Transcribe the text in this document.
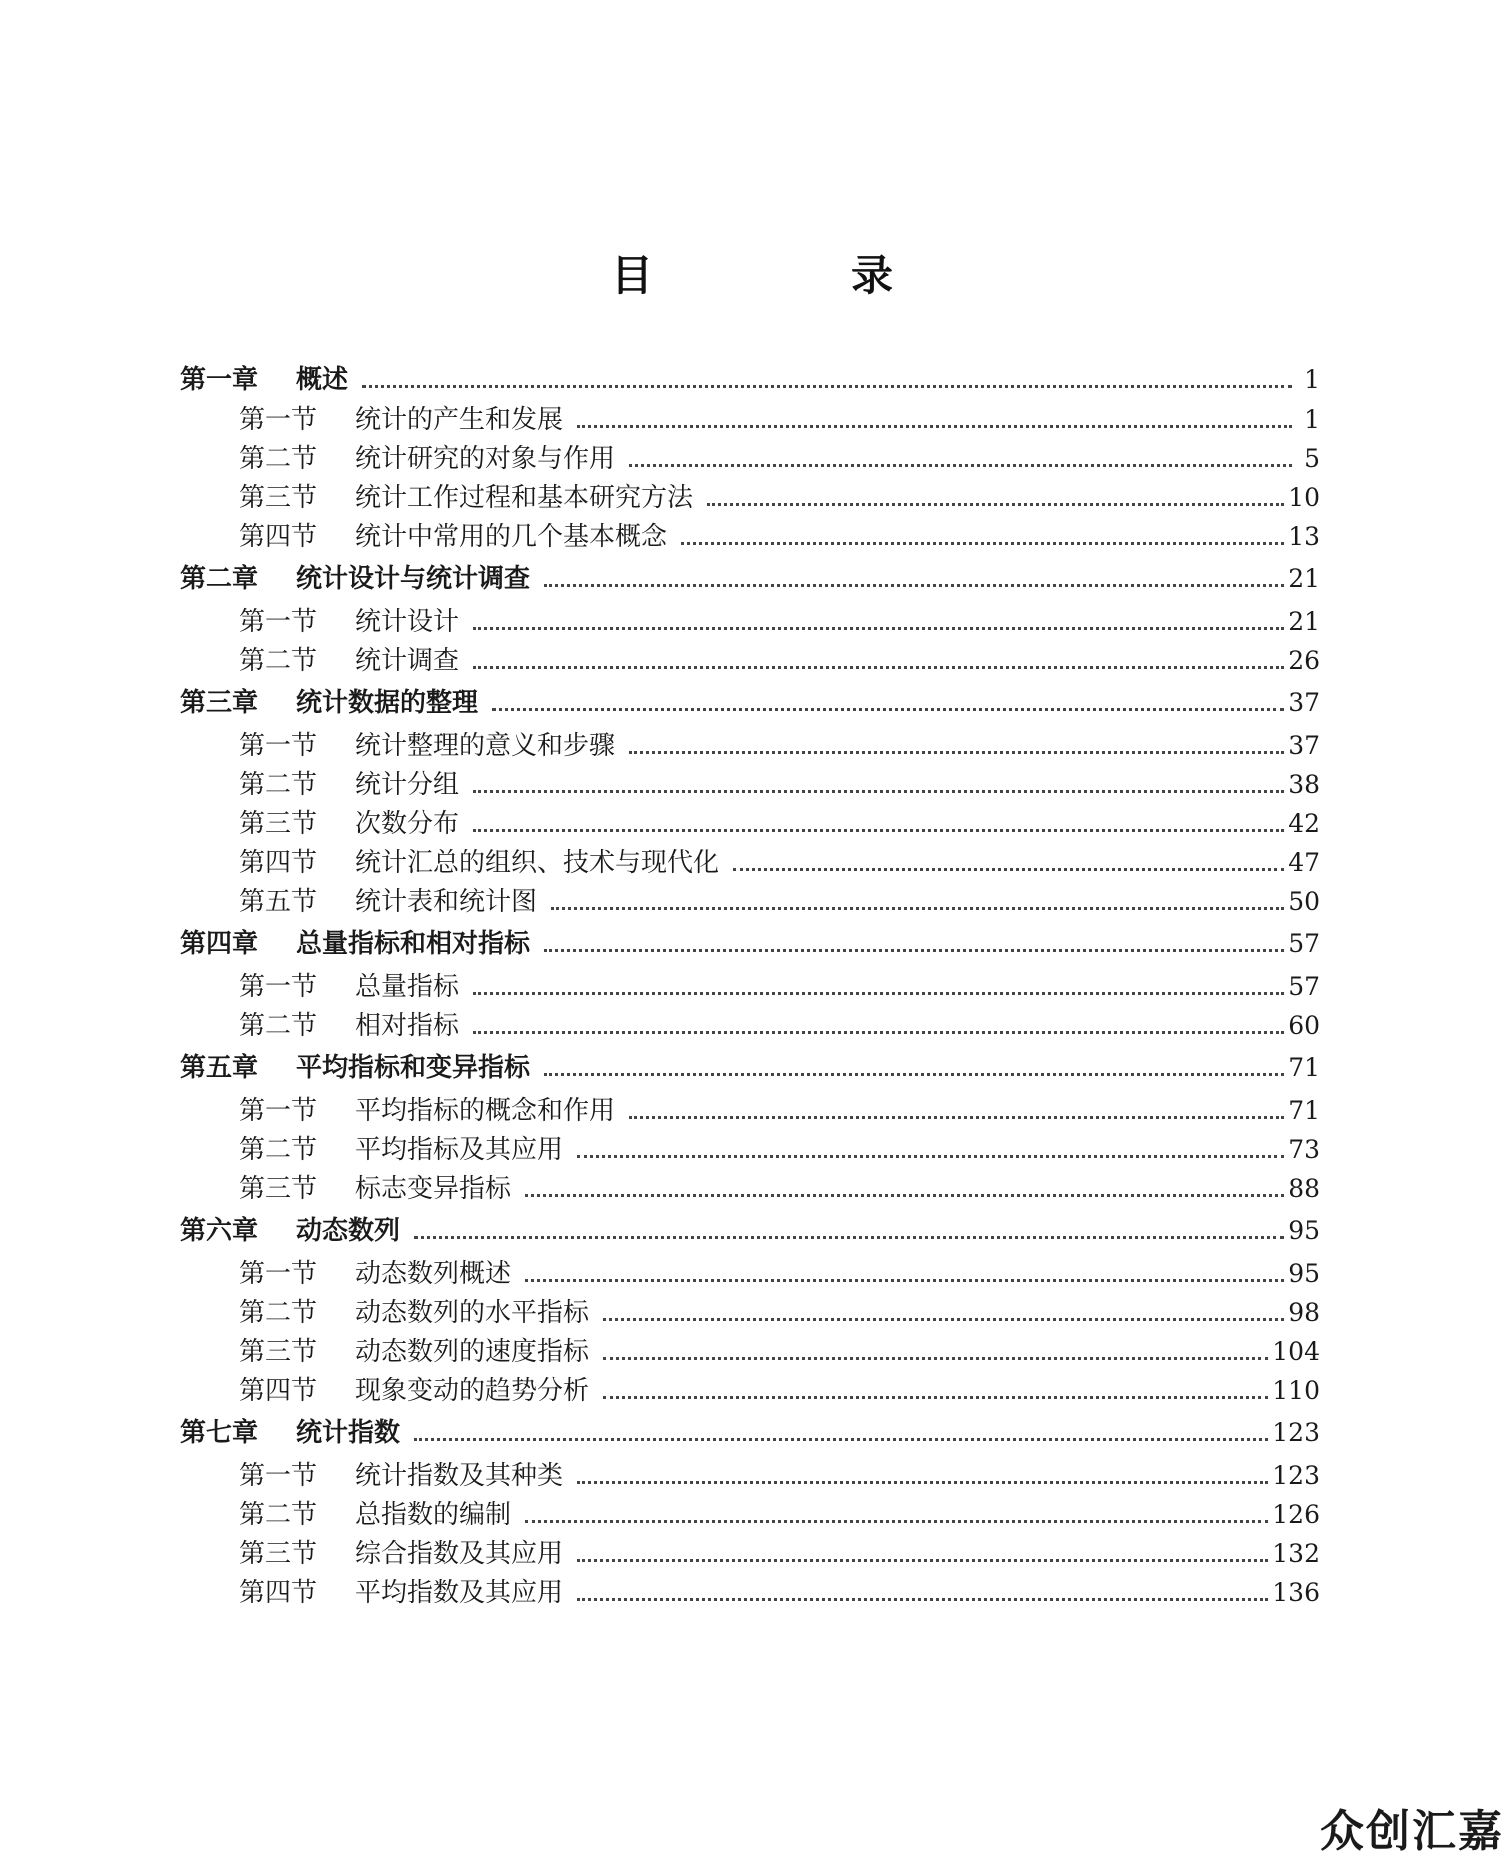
目　录
第一章	概述	1
第一节	统计的产生和发展	1
第二节	统计研究的对象与作用	5
第三节	统计工作过程和基本研究方法	10
第四节	统计中常用的几个基本概念	13
第二章	统计设计与统计调查	21
第一节	统计设计	21
第二节	统计调查	26
第三章	统计数据的整理	37
第一节	统计整理的意义和步骤	37
第二节	统计分组	38
第三节	次数分布	42
第四节	统计汇总的组织、技术与现代化	47
第五节	统计表和统计图	50
第四章	总量指标和相对指标	57
第一节	总量指标	57
第二节	相对指标	60
第五章	平均指标和变异指标	71
第一节	平均指标的概念和作用	71
第二节	平均指标及其应用	73
第三节	标志变异指标	88
第六章	动态数列	95
第一节	动态数列概述	95
第二节	动态数列的水平指标	98
第三节	动态数列的速度指标	104
第四节	现象变动的趋势分析	110
第七章	统计指数	123
第一节	统计指数及其种类	123
第二节	总指数的编制	126
第三节	综合指数及其应用	132
第四节	平均指数及其应用	136
众创汇嘉
